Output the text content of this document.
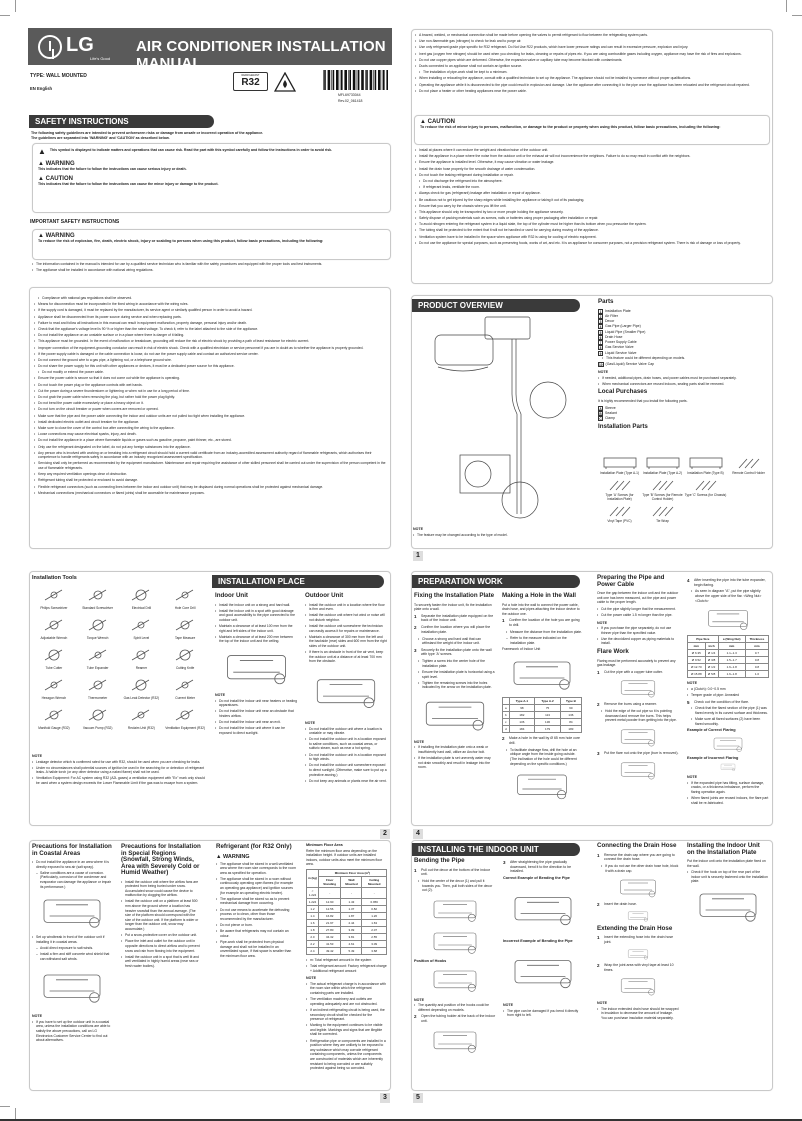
LG
Life's Good
AIR CONDITIONER INSTALLATION MANUAL
TYPE: WALL MOUNTED
EN English
REFRIGERANT
R32
MFL69733044
Rev.02_061418
SAFETY INSTRUCTIONS
The following safety guidelines are intended to prevent unforeseen risks or damage from unsafe or incorrect operation of the appliance.
The guidelines are separated into 'WARNING' and 'CAUTION' as described below.
▲ This symbol is displayed to indicate matters and operations that can cause risk. Read the part with this symbol carefully and follow the instructions in order to avoid risk.
▲ WARNING
This indicates that the failure to follow the instructions can cause serious injury or death.
▲ CAUTION
This indicates that the failure to follow the instructions can cause the minor injury or damage to the product.
IMPORTANT SAFETY INSTRUCTIONS
▲ WARNING
To reduce the risk of explosion, fire, death, electric shock, injury or scalding to persons when using this product, follow basic precautions, including the following:
• The information contained in the manual is intended for use by a qualified service technician who is familiar with the safety procedures and equipped with the proper tools and test instruments.
• The appliance shall be installed in accordance with national wiring regulations.
• Compliance with national gas regulations shall be observed.
• Means for disconnection must be incorporated in the fixed wiring in accordance with the wiring rules.
• If the supply cord is damaged, it must be replaced by the manufacturer, its service agent or similarly qualified person in order to avoid a hazard.
• Appliance shall be disconnected from its power source during service and when replacing parts.
• Failure to read and follow all instructions in this manual can result in equipment malfunction, property damage, personal injury and/or death.
• Check that the appliance's voltage level is 90 % or higher than the rated voltage. To check it, refer to the label attached to the side of the appliance.
• Do not install the appliance on an unstable surface or in a place where there is danger of it falling.
• This appliance must be grounded. In the event of malfunction or breakdown, grounding will reduce the risk of electric shock by providing a path of least resistance for electric current.
• Improper connection of the equipment-grounding conductor can result in risk of electric shock. Check with a qualified electrician or service personnel if you are in doubt as to whether the appliance is properly grounded.
• If the power supply cable is damaged or the cable connection is loose, do not use the power supply cable and contact an authorized service center.
• Do not connect the ground wire to a gas pipe, a lightning rod, or a telephone ground wire.
• Do not share the power supply for this unit with other appliances or devices, it must be a dedicated power source for this appliance.
• Do not modify or extend the power cable.
• Ensure the power cable is secure so that it does not come out while the appliance is operating.
• Do not touch the power plug or the appliance controls with wet hands.
• Cut the power during a severe thunderstorm or lightening or when not in use for a long period of time.
• Do not grab the power cable when removing the plug, but rather hold the power plug tightly.
• Do not bend the power cable excessively or place a heavy object on it.
• Do not turn on the circuit breaker or power when covers are removed or opened.
• Make sure that the pipe and the power cable connecting the indoor and outdoor units are not pulled too tight when installing the appliance.
• Install dedicated electric outlet and circuit breaker for the appliance.
• Make sure to close the cover of the control box after connecting the wiring to the appliance.
• Loose connections may cause electrical sparks, injury, and death.
• Do not install the appliance in a place where flammable liquids or gases such as gasoline, propane, paint thinner, etc., are stored.
• Only use the refrigerant designated on the label, do not put any foreign substances into the appliance.
• Any person who is involved with working on or breaking into a refrigerant circuit should hold a current valid certificate from an industry-accredited assessment authority regard of flammable refrigerants, which authorises their competence to handle refrigerants safely in accordance with an industry recognized assessment specification.
• Servicing shall only be performed as recommended by the equipment manufacturer. Maintenance and repair requiring the assistance of other skilled personnel shall be carried out under the supervision of the person competent in the use of flammable refrigerants.
• Keep any required ventilation openings clear of obstruction.
• Refrigerant tubing shall be protected or enclosed to avoid damage.
• Flexible refrigerant connectors (such as connecting lines between the indoor and outdoor unit) that may be displaced during normal operations shall be protected against mechanical damage.
• Mechanical connections (mechanical connectors or flared joints) shall be accessible for maintenance purposes.
• A brazed, welded, or mechanical connection shall be made before opening the valves to permit refrigerant to flow between the refrigerating system parts.
• Use non-flammable gas (nitrogen) to check for leak and to purge air.
• Use only refrigerant grade pipe specific for R32 refrigerant. Do Not Use R22 products, which have lower pressure ratings and can result in excessive pressure, explosion and injury.
• Inert gas (oxygen free nitrogen) should be used when you checking for leaks, cleaning or repairs of pipes etc. If you are using combustible gases including oxygen, appliance may have the risk of fires and explosions.
• Do not use copper pipes which are deformed. Otherwise, the expansion valve or capillary tube may become blocked with contaminants.
• Ducts connected to an appliance shall not contain an ignition source.
• The installation of pipe-work shall be kept to a minimum.
• When installing or relocating the appliance, consult with a qualified technician to set up the appliance. The appliance should not be installed by someone without proper qualifications.
• Operating the appliance while it is disconnected to the pipe could result in explosion and damage. Use the appliance after connecting it to the pipe once the appliance has been relocated and the refrigerant circuit repaired.
• Do not place a heater or other heating appliances near the power cable.
▲ CAUTION
To reduce the risk of minor injury to persons, malfunction, or damage to the product or property when using this product, follow basic precautions, including the following:
• Install at places where it can endure the weight and vibration/noise of the outdoor unit.
• Install the appliance in a place where the noise from the outdoor unit or the exhaust air will not inconvenience the neighbors. Failure to do so may result in conflict with the neighbors.
• Ensure the appliance is installed level. Otherwise, it may cause vibration or water leakage.
• Install the drain hose properly for the smooth drainage of water condensation.
• Do not touch the leaking refrigerant during installation or repair.
• Do not discharge the refrigerant into the atmosphere.
• If refrigerant leaks, ventilate the room.
• Always check for gas (refrigerant) leakage after installation or repair of appliance.
• Be cautious not to get injured by the sharp edges while installing the appliance or taking it out of its packaging.
• Ensure that you carry by the chassis when you lift the unit.
• This appliance should only be transported by two or more people holding the appliance securely.
• Safely dispose of packing materials such as screws, nails or batteries using proper packaging after installation or repair.
• To avoid nitrogen entering the refrigerant system in a liquid state, the top of the cylinder must be higher than its bottom when you pressurize the system.
• The tubing shall be protected to the extent that it will not be handled or used for carrying during moving of the appliance.
• Ventilation system have to be installed in the space when appliance with R32 is using for cooling of electric equipment.
• Do not use the appliance for special purposes, such as preserving foods, works of art, and etc. It is an appliance for consumer purposes, not a precision refrigerant system. There is risk of damage or loss of property.
PRODUCT OVERVIEW
NOTE
• The feature may be changed according to the type of model.
Parts
1	Installation Plate
2	Air Filter
3	Decor
4	Gas Pipe (Larger Pipe)
5	Liquid Pipe (Smaller Pipe)
6	Drain Hose
7	Power Supply Cable
8	Gas Service Valve
9	Liquid Service Valve
• This feature could be different depending on models.
10 (Gas/Liquid) Service Valve Cap
NOTE
• If needed, additional pipes, drain hoses, and power cables must be purchased separately.
• When mechanical connectors are reused indoors, sealing parts shall be renewed.
Local Purchases
It is highly recommended that you install the following parts.
A Sleeve
B Sealant
C Clamp
Installation Parts
Installation Plate (Type A-1)	Installation Plate (Type A-2)	Installation Plate (Type B)	Remote Control Holder
Type 'A' Screws (for Installation Plate)
Type 'B' Screws (for Remote Control Holder)
Type 'C' Screws (for Chassis)
Vinyl Tape (PVC)	Tie Wrap
1
Installation Tools
Philips Screwdriver	Standard Screwdriver	Electrical Drill	Hole Core Drill
Adjustable Wrench	Torque Wrench	Spirit Level	Tape Measure
Tube Cutter	Tube Expander	Reamer	Cutting Knife
Hexagon Wrench	Thermometer	Gas Leak Detector (R32)	Current Meter
Manifold Gauge (R32)	Vacuum Pump (R32)	Reclaim Unit (R32)	Ventilation Equipment (R32)
NOTE
• Leakage detector which is confirmed rated for use with R32, should be used when you are checking for leaks.
• Under no circumstances shall potential sources of ignition be used in the searching for or detection of refrigerant leaks. A halide torch (or any other detector using a naked flame) shall not be used.
• Ventilation Equipment: For AC system using R32 (A2L gases) a ventilation equipment with "Ex" mark only should be used when a system design exceeds the Lower Flammable Limit if the gas was to escape from a system.
INSTALLATION PLACE
Indoor Unit
• Install the indoor unit on a strong and hard wall.
• Install the indoor unit in a spot with good drainage and good accessibility to the pipe connected to the outdoor unit.
• Maintain a clearance of at least 100 mm from the right and left sides of the indoor unit.
• Maintain a clearance of at least 200 mm between the top of the indoor unit and the ceiling.
NOTE
• Do not install the indoor unit near heaters or heating apparatuses.
• Do not install the indoor unit near an obstacle that hinders airflow.
• Do not install the indoor unit near an exit.
• Do not install the indoor unit where it can be exposed to direct sunlight.
Outdoor Unit
• Install the outdoor unit in a location where the floor is firm and even.
• Install the outdoor unit where hot wind or noise will not disturb neighbor.
• Install the outdoor unit somewhere the technician can easily access it for repairs or maintenance.
• Maintain a clearance of 300 mm from the left and the backside (rear) sides and 600 mm from the right sides of the outdoor unit.
• If there is an obstacle in front of the air vent, keep the outdoor unit at a distance of at least 700 mm from the obstacle.
NOTE
• Do not install the outdoor unit where a location is unstable or may vibrate.
• Do not install the outdoor unit in a location exposed to saline conditions, such as coastal areas, or sulfuric steam, such as near a hot spring.
• Do not install the outdoor unit in a location exposed to high winds.
• Do not install the outdoor unit somewhere exposed to direct sunlight. (Otherwise, make sure to put up a protective awning.)
• Do not keep any animals or plants near the air vent.
2
Precautions for Installation in Coastal Areas
• Do not install the appliance in an area where it is directly exposed to sea air (salt spray).
– Saline conditions are a cause of corrosion. (Particularly, corrosion of the condenser and evaporator can damage the appliance or impair its performance.)
• Set up windbreak in front of the outdoor unit if installing it in coastal areas.
– Avoid direct exposure to salt winds.
– Install a firm and stiff concrete wind shield that can withstand salt winds.
NOTE
• If you have to set up the outdoor unit in a coastal area, unless the installation conditions are able to satisfy the above precautions, call an LG Electronics Customer Service Center to find out about alternatives.
Precautions for Installation in Special Regions (Snowfall, Strong Winds, Area with Severely Cold or Humid Weather)
• Install the outdoor unit where the airflow fans are protected from being buried under snow. Accumulated snow could cause the device to malfunction by clogging the airflow.
• Install the outdoor unit on a platform at least 500 mm above the ground where a location has heavier snowfall than the annual average. (The size of the platform should correspond with the size of the outdoor unit. If the platform is wider or longer than the outdoor unit, snow may accumulate.)
• Put a snow-protective cover on the outdoor unit.
• Place the inlet and outlet for the outdoor unit in opposite directions to direct airflow and to prevent snow and rain from flowing into the equipment.
• Install the outdoor unit in a spot that is well lit and well ventilated in highly humid areas (near sea or fresh water bodies).
Refrigerant (for R32 Only)
▲ WARNING
• The appliance shall be stored in a well-ventilated area where the room size corresponds to the room area as specified for operation.
• The appliance shall be stored in a room without continuously operating open flames (for example an operating gas appliance) and ignition sources (for example an operating electric heater).
• The appliance shall be stored so as to prevent mechanical damage from occurring.
• Do not use means to accelerate the defrosting process or to clean, other than those recommended by the manufacturer.
• Do not pierce or burn.
• Be aware that refrigerants may not contain an odour.
• Pipe-work shall be protected from physical damage and shall not be installed in an unventilated space, if that space is smaller than the minimum floor area.
Minimum Floor Area
Refer the minimum floor area depending on the installation height. If outdoor units are installed indoors, outdoor units also meet the minimum floor area.
m (kg)	Minimum Floor Area (m²)		
	Floor Standing	Wall Mounted	Ceiling Mounted
< 1.224	-	-	-
1.224	12.90	1.43	0.956
1.2	12.56	1.37	0.82
1.4	16.82	1.87	1.26
1.6	21.97	2.44	1.63
1.8	27.80	3.09	2.07
2.0	34.32	3.81	2.55
2.2	41.53	4.61	3.09
2.4	49.42	5.49	3.68
• m: Total refrigerant amount in the system
• Total refrigerant amount: Factory refrigerant charge + Additional refrigerant amount
NOTE
• The actual refrigerant charge is in accordance with the room size within which the refrigerant containing parts are installed.
• The ventilation machinery and outlets are operating adequately and are not obstructed.
• If an indirect refrigerating circuit is being used, the secondary circuit shall be checked for the presence of refrigerant.
• Marking to the equipment continues to be visible and legible. Markings and signs that are illegible shall be corrected.
• Refrigeration pipe or components are installed in a position where they are unlikely to be exposed to any substance which may corrode refrigerant containing components, unless the components are constructed of materials which are inherently resistant to being corroded or are suitably protected against being so corroded.
3
PREPARATION WORK
Fixing the Installation Plate
To securely fasten the indoor unit, fix the installation plate onto a wall.
1 Separate the installation plate equipped on the back of the indoor unit.
2 Confirm the location where you will place the installation plate.
• Choose a strong and hard wall that can withstand the weight of the indoor unit.
3 Securely fix the installation plate onto the wall with type 'A' screws.
• Tighten a screw into the center hole of the installation plate.
• Ensure the installation plate is horizontal using a spirit level.
• Tighten the remaining screws into the holes indicated by the arrow on the installation plate.
NOTE
• If installing the installation plate onto a weak or insufficiently hard wall, utilize an Anchor bolt.
• If the installation plate is set unevenly water may not drain smoothly and result in leakage into the room.
Making a Hole in the Wall
Put a hole into the wall to connect the power cable, drain hose, and pipes attaching the indoor device to the outdoor one.
1 Confirm the location of the hole you are going to drill.
• Measure the distance from the installation plate.
– Refer to the measure indicated on the installation plate.
Framework of Indoor Unit
	Type A-1	Type A-2	Type B
a	98	75	60
b	182	113	136
c	136	136	84
d	184	179	183
2 Make a hole in the wall by Ø 65 mm hole core drill.
• To facilitate drainage flow, drill the hole at an oblique angle from the inside going outside. (The inclination of the hole could be different depending on the specific conditions.)
Preparing the Pipe and Power Cable
Once the gap between the indoor unit and the outdoor unit one has been measured, cut the pipe and power cable to the proper length.
• Cut the pipe slightly longer that the measurement.
• Cut the power cable 1.5 m longer than the pipe.
NOTE
• If you purchase the pipe separately, do not use thinner pipe than the specified value.
• Use the deoxidized copper as piping materials to install.
Flare Work
Flaring must be performed accurately to prevent any gas leakage.
1 Cut the pipe with a copper tube cutter.
2 Remove the burrs using a reamer.
• Hold the edge of the cut pipe so it is pointing downward and remove the burrs. This helps prevent metal powder from getting into the pipe.
3 Put the flare nut onto the pipe (burr is removed).
4 After inserting the pipe into the tube expander, begin flaring.
• As seen in diagram "A", put the pipe slightly above the upper side of the flar. <Wing Nut> <Clutch>
Pipe Size		a (Wing Nut)	Thickness
mm	inch	mm	mm
Ø 6.35	Ø 1/4	1.1~1.3	0.7
Ø 9.52	Ø 3/8	1.5~1.7	0.8
Ø 12.70	Ø 1/2	1.6~1.8	0.8
Ø 15.88	Ø 5/8	1.6~1.8	1.0
NOTE
• a (Clutch): 0.0~0.5 mm
• Temper grade of pipe: Annealed
5 Check out the condition of the flare.
• Check that the flared section of the pipe (1) was flared evenly in its curved surface and thickness.
• Make sure all flared surfaces (2) have been flared smoothly.
Example of Correct Flaring
Example of Incorrect Flaring
NOTE
• If the expanded pipe has tilting, surface damage, cracks, or a thickness imbalance, perform the flaring operation again.
• When flared joints are reused indoors, the flare part shall be re-fabricated.
4
INSTALLING THE INDOOR UNIT
Bending the Pipe
1 Pull out the decor at the bottom of the indoor unit.
• Hold the center of the decor (1) and pull it towards you. Then, pull both sides of the decor out (2).
Position of Hooks
NOTE
• The quantity and position of the hooks could be different depending on models.
2 Open the tubing holder at the back of the indoor unit.
3 After straightening the pipe gradually downward, bend it to the direction to be installed.
Correct Example of Bending the Pipe
Incorrect Example of Bending the Pipe
NOTE
• The pipe can be damaged if you bend it directly from right to left.
Connecting the Drain Hose
1 Remove the drain cap where you are going to connect the drain hose.
• If you do not use the other drain hose hole, block it with a drain cap.
2 Insert the drain hose.
Extending the Drain Hose
1 Insert the extending hose into the drain hose joint.
2 Wrap the joint area with vinyl tape at least 10 times.
NOTE
• The indoor extended drain hose should be wrapped in insulation to decrease the amount of leakage. You can purchase insulation material separately.
Installing the Indoor Unit on the Installation Plate
Put the indoor unit onto the installation plate fixed on the wall.
• Check if the hook on top of the rear part of the indoor unit is securely fastened onto the installation plate.
5
